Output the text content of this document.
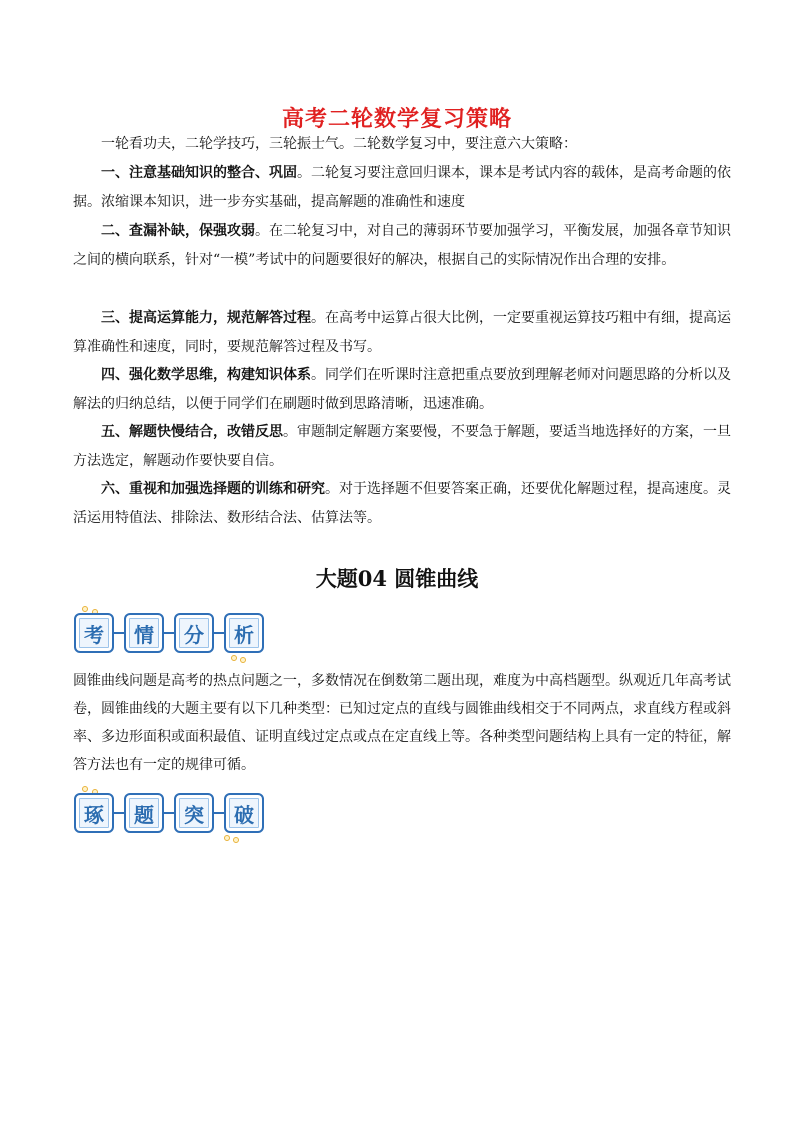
高考二轮数学复习策略

一轮看功夫，二轮学技巧，三轮振士气。二轮数学复习中，要注意六大策略：

一、注意基础知识的整合、巩固。二轮复习要注意回归课本，课本是考试内容的载体，是高考命题的依据。浓缩课本知识，进一步夯实基础，提高解题的准确性和速度

二、查漏补缺，保强攻弱。在二轮复习中，对自己的薄弱环节要加强学习，平衡发展，加强各章节知识之间的横向联系，针对“一模”考试中的问题要很好的解决，根据自己的实际情况作出合理的安排。

三、提高运算能力，规范解答过程。在高考中运算占很大比例，一定要重视运算技巧粗中有细，提高运算准确性和速度，同时，要规范解答过程及书写。

四、强化数学思维，构建知识体系。同学们在听课时注意把重点要放到理解老师对问题思路的分析以及解法的归纳总结，以便于同学们在刷题时做到思路清晰，迅速准确。

五、解题快慢结合，改错反思。审题制定解题方案要慢，不要急于解题，要适当地选择好的方案，一旦方法选定，解题动作要快要自信。

六、重视和加强选择题的训练和研究。对于选择题不但要答案正确，还要优化解题过程，提高速度。灵活运用特值法、排除法、数形结合法、估算法等。

大题04 圆锥曲线
考	情	分	析

圆锥曲线问题是高考的热点问题之一，多数情况在倒数第二题出现，难度为中高档题型。纵观近几年高考试卷，圆锥曲线的大题主要有以下几种类型：已知过定点的直线与圆锥曲线相交于不同两点，求直线方程或斜率、多边形面积或面积最值、证明直线过定点或点在定直线上等。各种类型问题结构上具有一定的特征，解答方法也有一定的规律可循。

琢	题	突	破
